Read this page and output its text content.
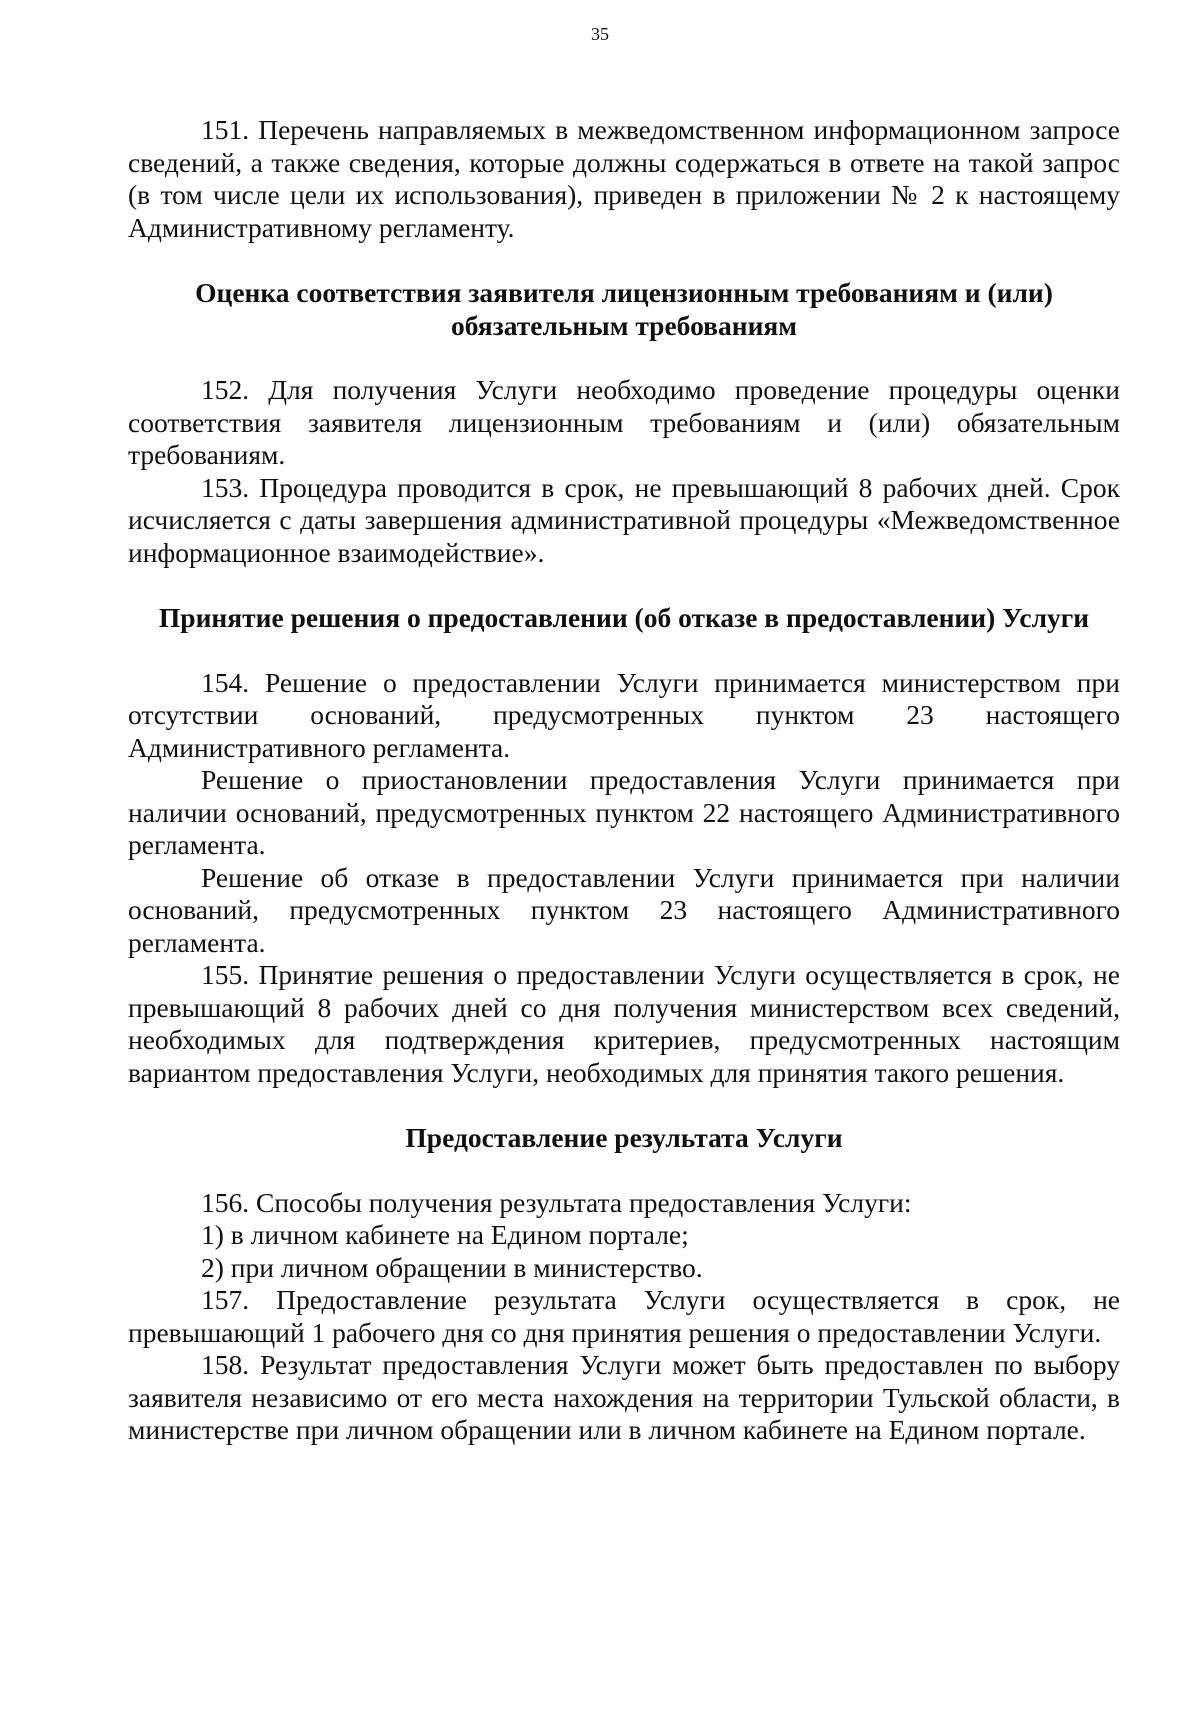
35

151. Перечень направляемых в межведомственном информационном запросе сведений, а также сведения, которые должны содержаться в ответе на такой запрос (в том числе цели их использования), приведен в приложении № 2 к настоящему Административному регламенту.

Оценка соответствия заявителя лицензионным требованиям и (или) обязательным требованиям

152. Для получения Услуги необходимо проведение процедуры оценки соответствия заявителя лицензионным требованиям и (или) обязательным требованиям.

153. Процедура проводится в срок, не превышающий 8 рабочих дней. Срок исчисляется с даты завершения административной процедуры «Межведомственное информационное взаимодействие».

Принятие решения о предоставлении (об отказе в предоставлении) Услуги

154. Решение о предоставлении Услуги принимается министерством при отсутствии оснований, предусмотренных пунктом 23 настоящего Административного регламента.

Решение о приостановлении предоставления Услуги принимается при наличии оснований, предусмотренных пунктом 22 настоящего Административного регламента.

Решение об отказе в предоставлении Услуги принимается при наличии оснований, предусмотренных пунктом 23 настоящего Административного регламента.

155. Принятие решения о предоставлении Услуги осуществляется в срок, не превышающий 8 рабочих дней со дня получения министерством всех сведений, необходимых для подтверждения критериев, предусмотренных настоящим вариантом предоставления Услуги, необходимых для принятия такого решения.

Предоставление результата Услуги

156. Способы получения результата предоставления Услуги:

1) в личном кабинете на Едином портале;

2) при личном обращении в министерство.

157. Предоставление результата Услуги осуществляется в срок, не превышающий 1 рабочего дня со дня принятия решения о предоставлении Услуги.

158. Результат предоставления Услуги может быть предоставлен по выбору заявителя независимо от его места нахождения на территории Тульской области, в министерстве при личном обращении или в личном кабинете на Едином портале.
